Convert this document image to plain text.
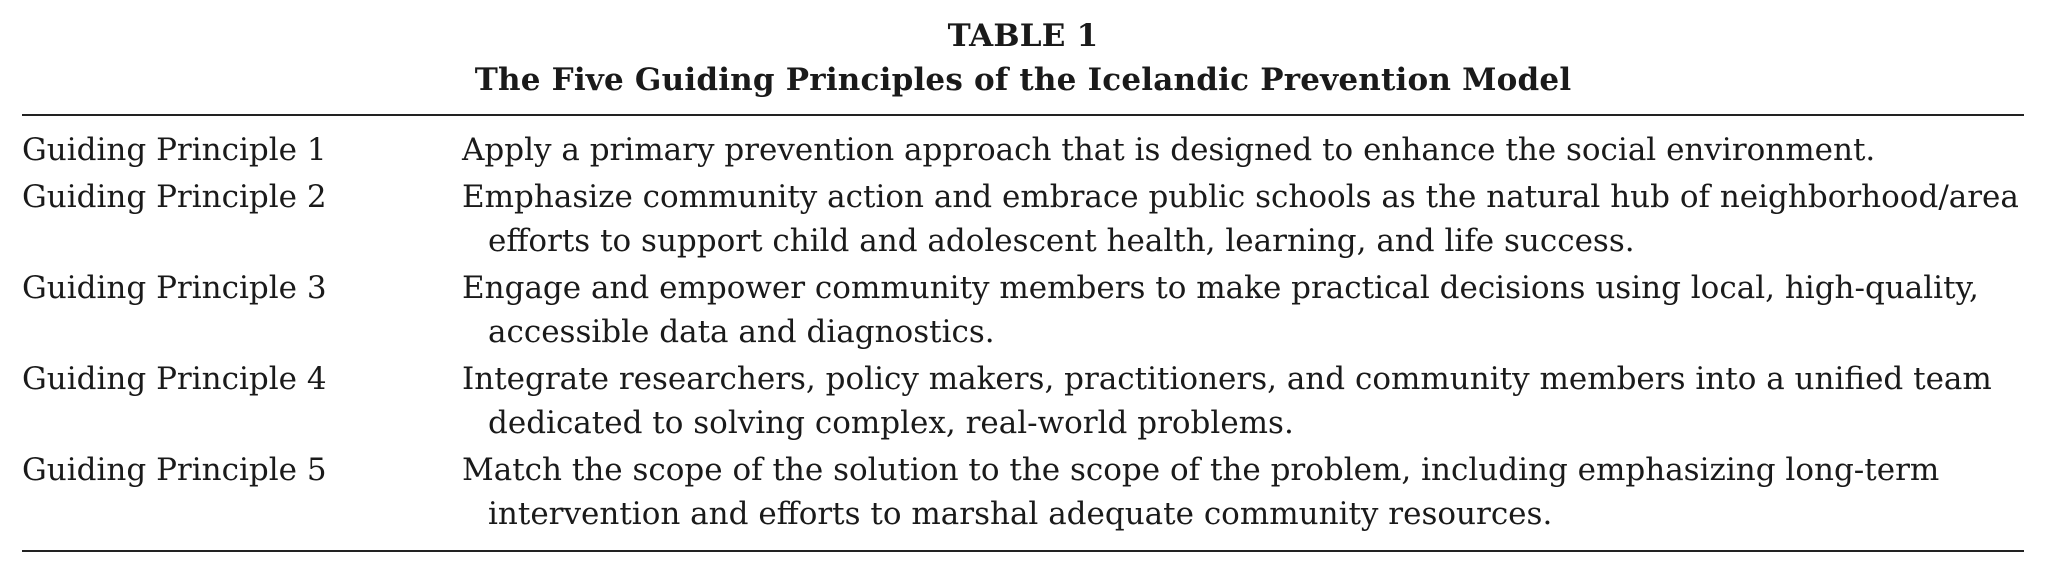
TABLE 1
The Five Guiding Principles of the Icelandic Prevention Model
Guiding Principle 1	Apply a primary prevention approach that is designed to enhance the social environment.
Guiding Principle 2	Emphasize community action and embrace public schools as the natural hub of neighborhood/area efforts to support child and adolescent health, learning, and life success.
Guiding Principle 3	Engage and empower community members to make practical decisions using local, high-quality, accessible data and diagnostics.
Guiding Principle 4	Integrate researchers, policy makers, practitioners, and community members into a unified team dedicated to solving complex, real-world problems.
Guiding Principle 5	Match the scope of the solution to the scope of the problem, including emphasizing long-term intervention and efforts to marshal adequate community resources.
